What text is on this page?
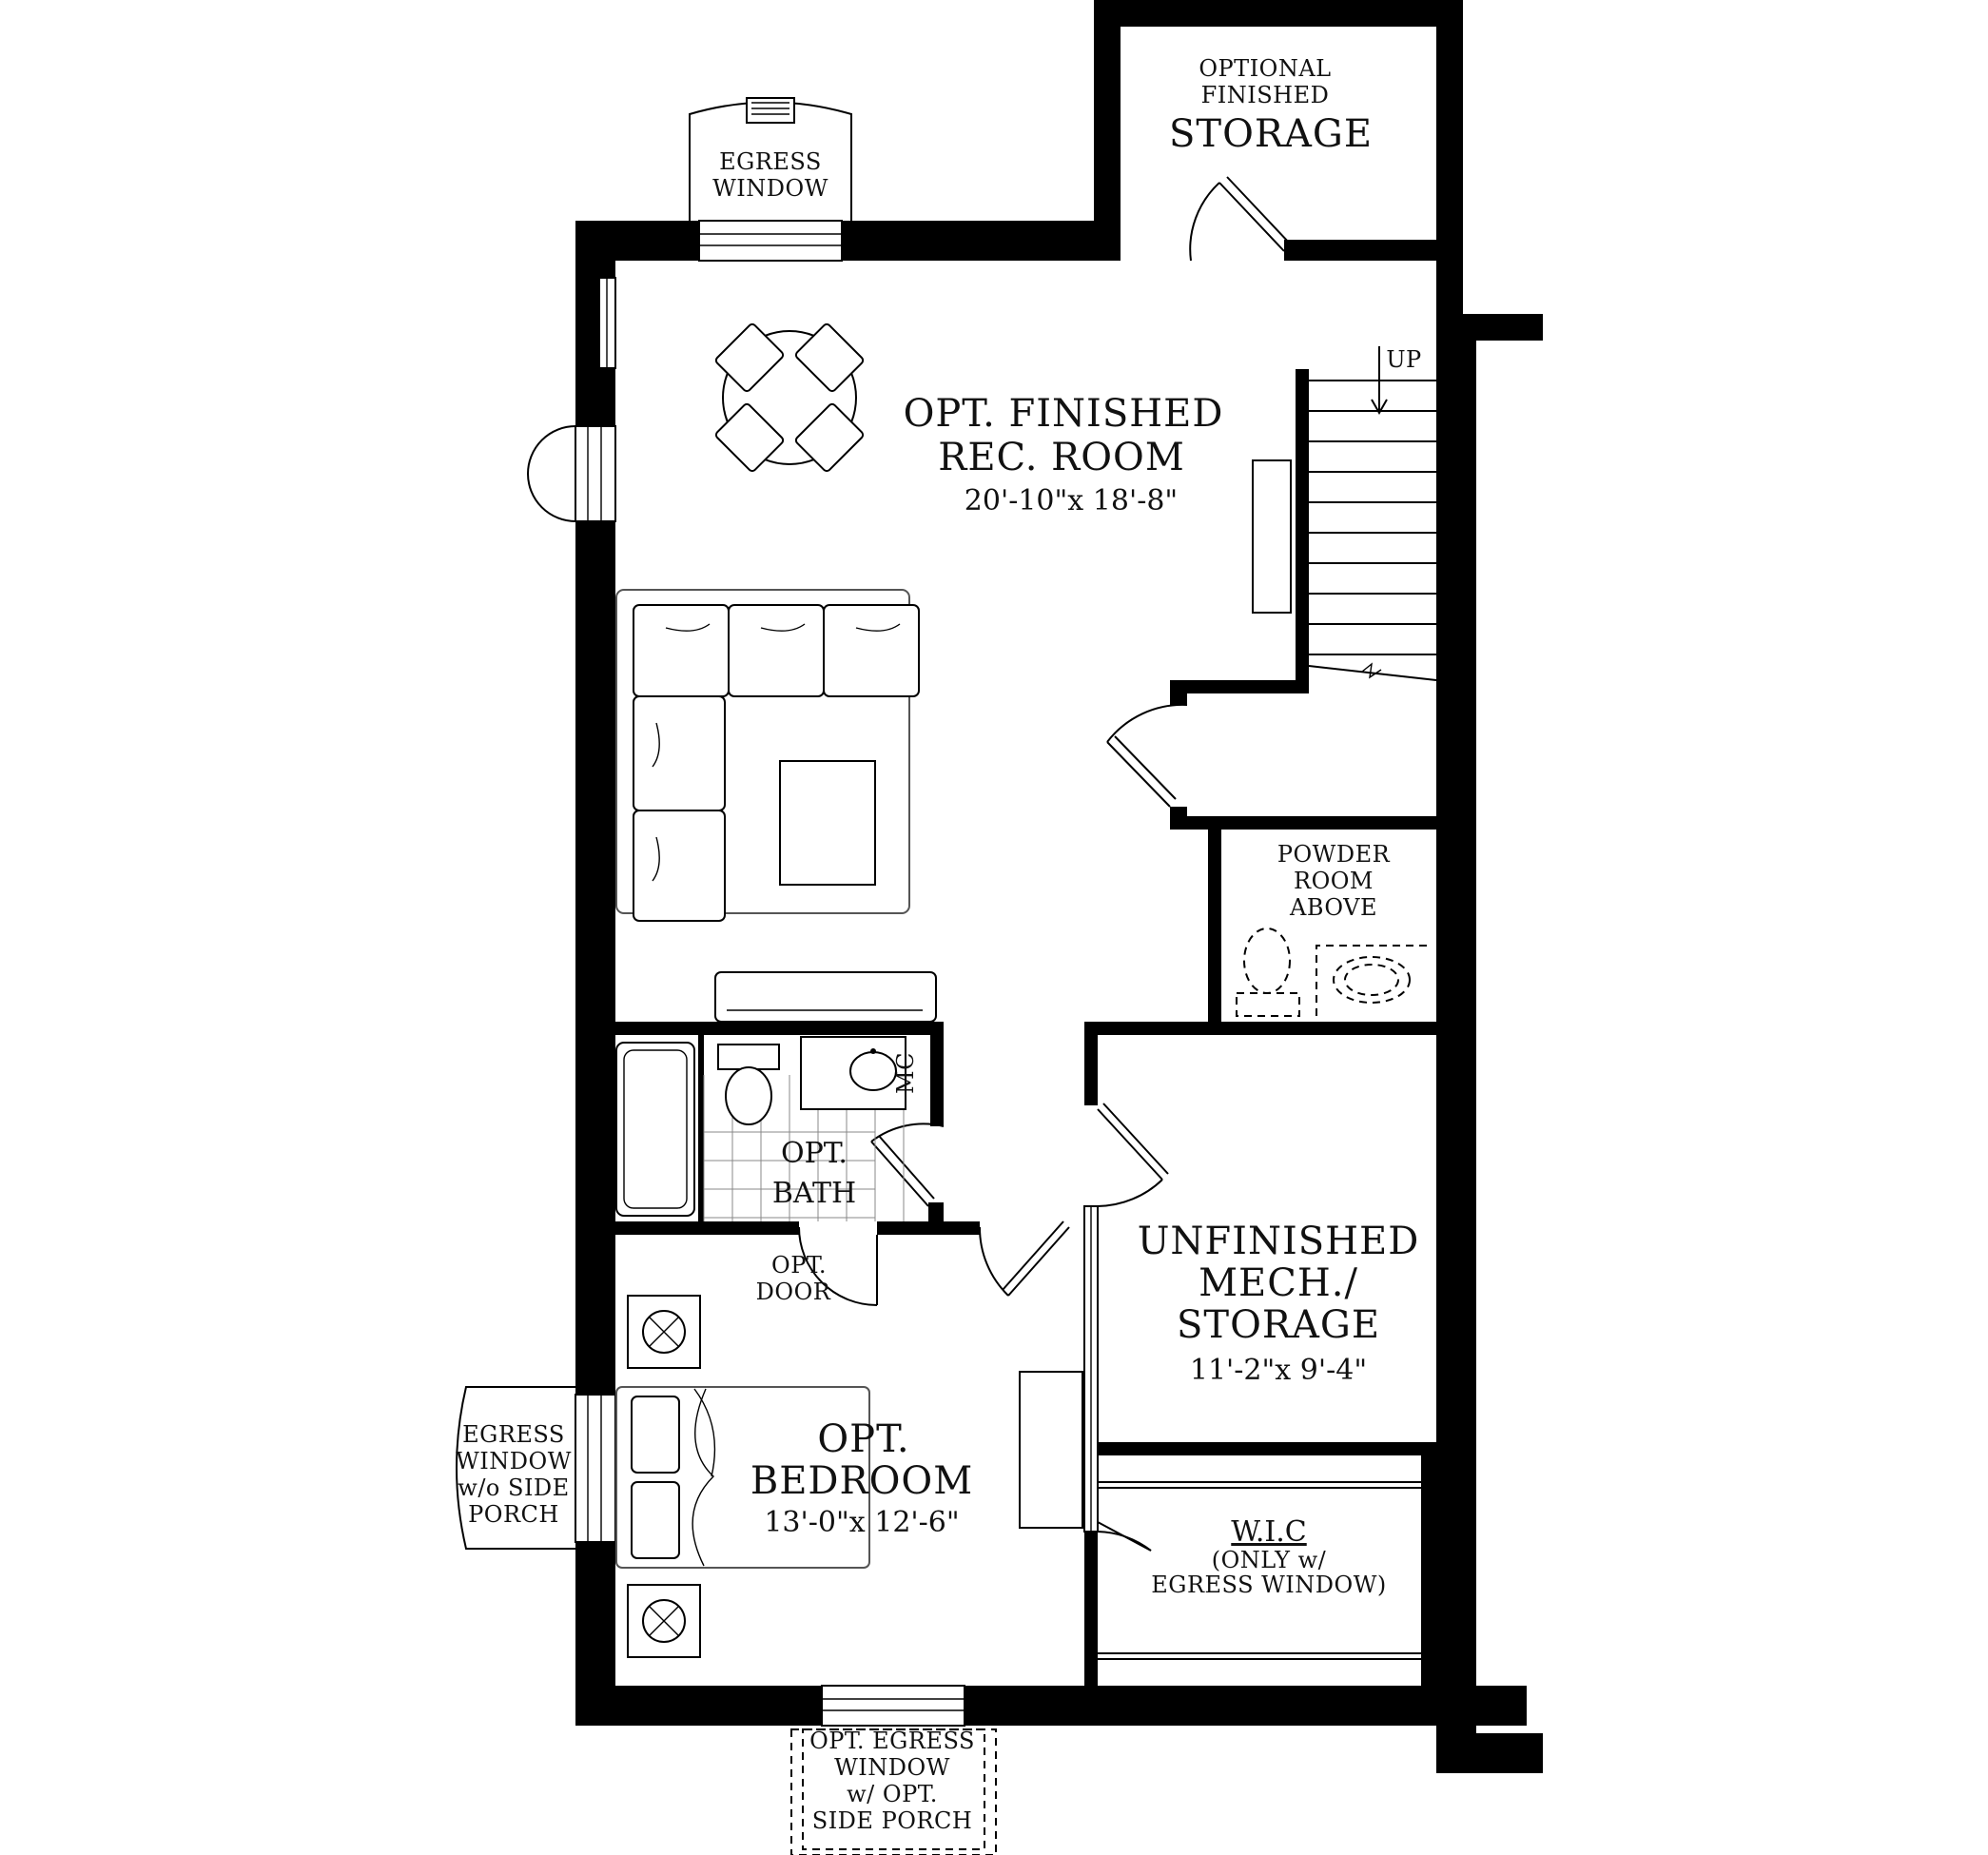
OPTIONAL
FINISHED
STORAGE
EGRESS
WINDOW
UP
OPT. FINISHED
REC. ROOM
20'-10"x 18'-8"
POWDER
ROOM
ABOVE
MC
OPT.
BATH
UNFINISHED
MECH./
STORAGE
11'-2"x 9'-4"
OPT.
DOOR
OPT.
BEDROOM
13'-0"x 12'-6"
EGRESS
WINDOW
w/o SIDE
PORCH
W.I.C
(ONLY w/
EGRESS WINDOW)
OPT. EGRESS
WINDOW
w/ OPT.
SIDE PORCH
